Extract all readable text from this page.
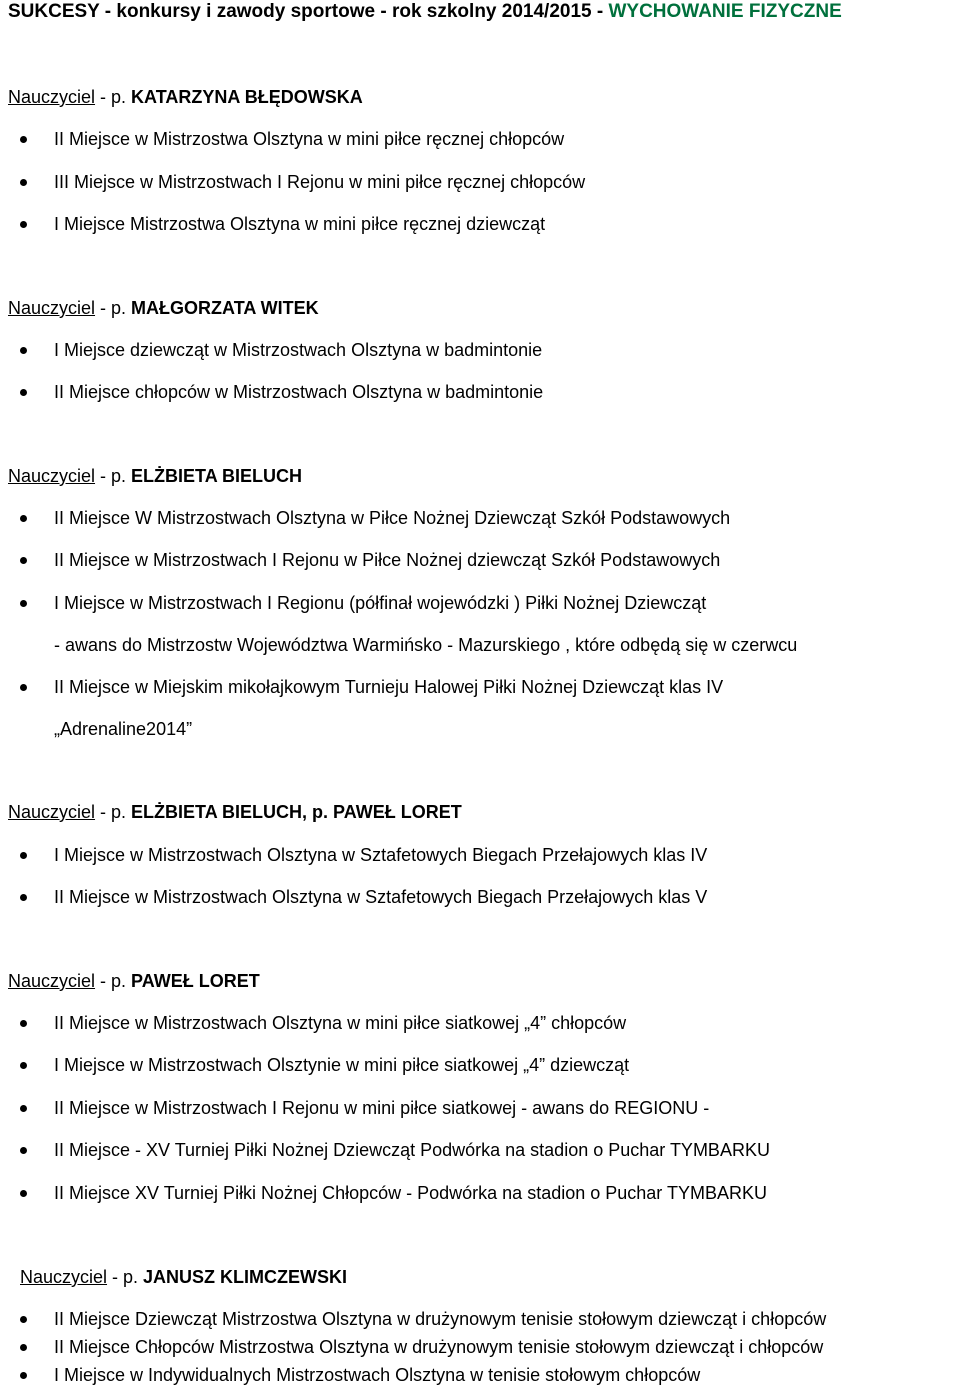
SUKCESY - konkursy i zawody sportowe - rok szkolny 2014/2015 - WYCHOWANIE FIZYCZNE
Nauczyciel - p. KATARZYNA BŁĘDOWSKA
II Miejsce w Mistrzostwa Olsztyna w mini piłce ręcznej chłopców
III Miejsce w Mistrzostwach I Rejonu w mini piłce ręcznej chłopców
I Miejsce Mistrzostwa Olsztyna w mini piłce ręcznej dziewcząt
Nauczyciel - p. MAŁGORZATA WITEK
I Miejsce dziewcząt w Mistrzostwach Olsztyna w badmintonie
II Miejsce chłopców w Mistrzostwach Olsztyna w badmintonie
Nauczyciel - p. ELŻBIETA BIELUCH
II Miejsce W Mistrzostwach Olsztyna w Piłce Nożnej Dziewcząt Szkół Podstawowych
II Miejsce w Mistrzostwach I Rejonu w Piłce Nożnej dziewcząt Szkół Podstawowych
I Miejsce w Mistrzostwach I Regionu (półfinał wojewódzki ) Piłki Nożnej Dziewcząt
- awans do Mistrzostw Województwa Warmińsko - Mazurskiego , które odbędą się w czerwcu
II Miejsce w Miejskim mikołajkowym Turnieju Halowej Piłki Nożnej Dziewcząt klas IV
„Adrenaline2014”
Nauczyciel - p. ELŻBIETA BIELUCH, p. PAWEŁ LORET
I Miejsce w Mistrzostwach Olsztyna w Sztafetowych Biegach Przełajowych klas IV
II Miejsce w Mistrzostwach Olsztyna w Sztafetowych Biegach Przełajowych klas V
Nauczyciel - p. PAWEŁ LORET
II Miejsce w Mistrzostwach Olsztyna w mini piłce siatkowej „4” chłopców
I Miejsce w Mistrzostwach Olsztynie w mini piłce siatkowej „4” dziewcząt
II Miejsce w Mistrzostwach I Rejonu w mini piłce siatkowej - awans do REGIONU -
II Miejsce - XV Turniej Piłki Nożnej Dziewcząt Podwórka na stadion o Puchar TYMBARKU
II Miejsce XV Turniej Piłki Nożnej Chłopców - Podwórka na stadion o Puchar TYMBARKU
Nauczyciel - p. JANUSZ KLIMCZEWSKI
II Miejsce Dziewcząt Mistrzostwa Olsztyna w drużynowym tenisie stołowym dziewcząt i chłopców
II Miejsce Chłopców Mistrzostwa Olsztyna w drużynowym tenisie stołowym dziewcząt i chłopców
I Miejsce w Indywidualnych Mistrzostwach Olsztyna w tenisie stołowym chłopców
